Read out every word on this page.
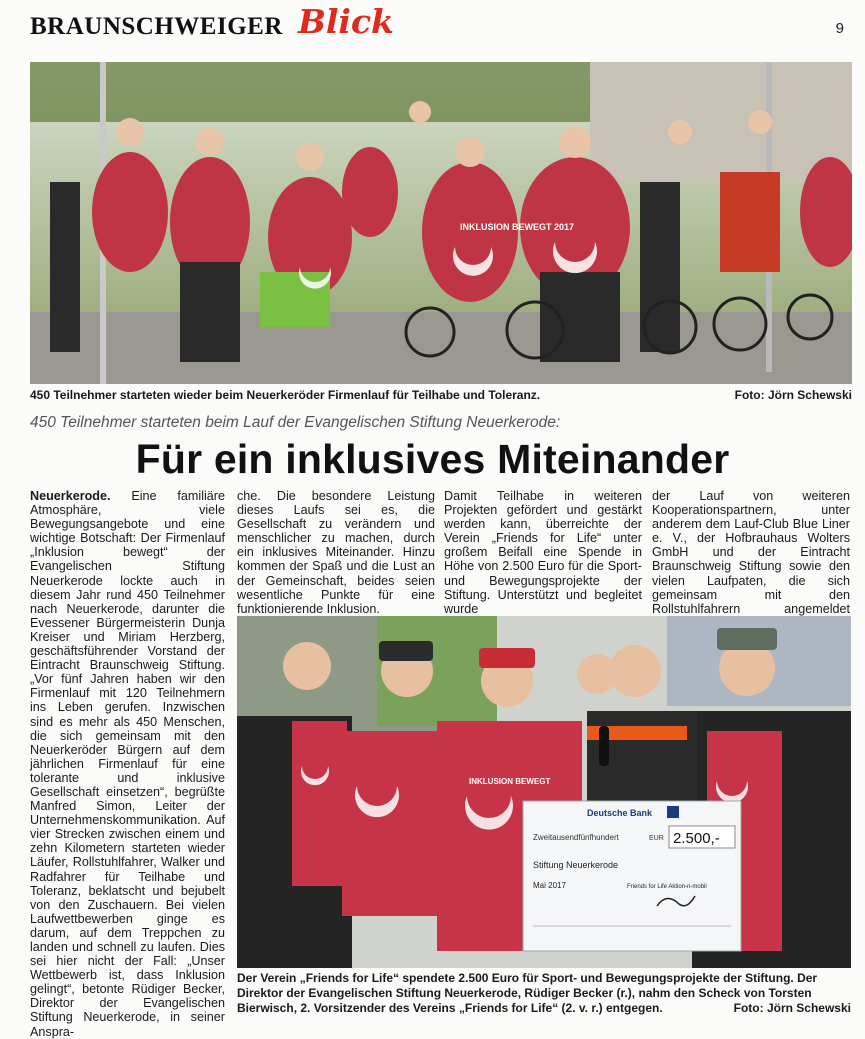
BRAUNSCHWEIGER Blick	9
INKLUSION BEWEGT 2017
450 Teilnehmer starteten wieder beim Neuerkeröder Firmenlauf für Teilhabe und Toleranz.	Foto: Jörn Schewski
450 Teilnehmer starteten beim Lauf der Evangelischen Stiftung Neuerkerode:
Für ein inklusives Miteinander

Neuerkerode. Eine familiäre Atmosphäre, viele Bewegungsangebote und eine wichtige Botschaft: Der Firmenlauf „Inklusion bewegt“ der Evangelischen Stiftung Neuerkerode lockte auch in diesem Jahr rund 450 Teilnehmer nach Neuerkerode, darunter die Evessener Bürgermeisterin Dunja Kreiser und Miriam Herzberg, geschäftsführender Vorstand der Eintracht Braunschweig Stiftung. „Vor fünf Jahren haben wir den Firmenlauf mit 120 Teilnehmern ins Leben gerufen. Inzwischen sind es mehr als 450 Menschen, die sich gemeinsam mit den Neuerkeröder Bürgern auf dem jährlichen Firmenlauf für eine tolerante und inklusive Gesellschaft einsetzen“, begrüßte Manfred Simon, Leiter der Unternehmenskommunikation. Auf vier Strecken zwischen einem und zehn Kilometern starteten wieder Läufer, Rollstuhlfahrer, Walker und Radfahrer für Teilhabe und Toleranz, beklatscht und bejubelt von den Zuschauern. Bei vielen Laufwettbewerben ginge es darum, auf dem Treppchen zu landen und schnell zu laufen. Dies sei hier nicht der Fall: „Unser Wettbewerb ist, dass Inklusion gelingt“, betonte Rüdiger Becker, Direktor der Evangelischen Stiftung Neuerkerode, in seiner Anspra-

che. Die besondere Leistung dieses Laufs sei es, die Gesellschaft zu verändern und menschlicher zu machen, durch ein inklusives Miteinander. Hinzu kommen der Spaß und die Lust an der Gemeinschaft, beides seien wesentliche Punkte für eine funktionierende Inklusion.

Damit Teilhabe in weiteren Projekten gefördert und gestärkt werden kann, überreichte der Verein „Friends for Life“ unter großem Beifall eine Spende in Höhe von 2.500 Euro für die Sport- und Bewegungsprojekte der Stiftung. Unterstützt und begleitet wurde

der Lauf von weiteren Kooperationspartnern, unter anderem dem Lauf-Club Blue Liner e. V., der Hofbrauhaus Wolters GmbH und der Eintracht Braunschweig Stiftung sowie den vielen Laufpaten, die sich gemeinsam mit den Rollstuhlfahrern angemeldet

INKLUSION BEWEGT
Deutsche Bank
Zweitausendfünfhundert	EUR 2.500,-
Stiftung Neuerkerode
Mai 2017	Friends for Life Aktion-n-mobil
Der Verein „Friends for Life“ spendete 2.500 Euro für Sport- und Bewegungsprojekte der Stiftung. Der Direktor der Evangelischen Stiftung Neuerkerode, Rüdiger Becker (r.), nahm den Scheck von Torsten Bierwisch, 2. Vorsitzender des Vereins „Friends for Life“ (2. v. r.) entgegen.	Foto: Jörn Schewski
